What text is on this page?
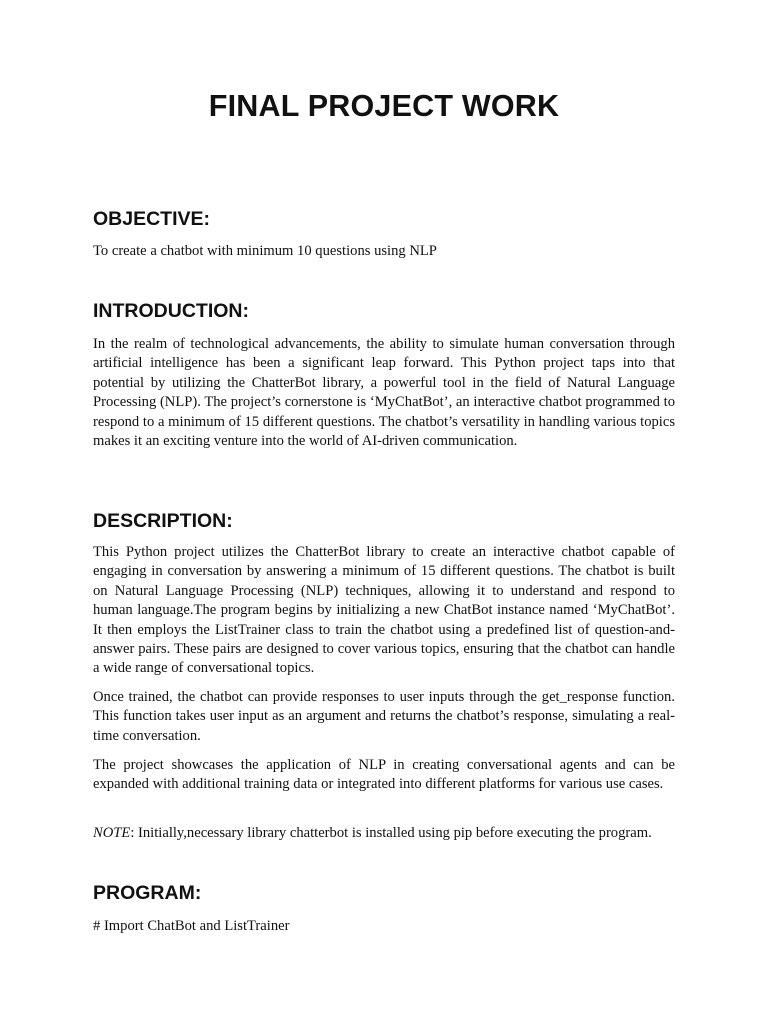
FINAL PROJECT WORK
OBJECTIVE:

To create a chatbot with minimum 10 questions using NLP

INTRODUCTION:

In the realm of technological advancements, the ability to simulate human conversation through artificial intelligence has been a significant leap forward. This Python project taps into that potential by utilizing the ChatterBot library, a powerful tool in the field of Natural Language Processing (NLP). The project’s cornerstone is ‘MyChatBot’, an interactive chatbot programmed to respond to a minimum of 15 different questions. The chatbot’s versatility in handling various topics makes it an exciting venture into the world of AI-driven communication.

DESCRIPTION:

This Python project utilizes the ChatterBot library to create an interactive chatbot capable of engaging in conversation by answering a minimum of 15 different questions. The chatbot is built on Natural Language Processing (NLP) techniques, allowing it to understand and respond to human language.The program begins by initializing a new ChatBot instance named ‘MyChatBot’. It then employs the ListTrainer class to train the chatbot using a predefined list of question-and-answer pairs. These pairs are designed to cover various topics, ensuring that the chatbot can handle a wide range of conversational topics.

Once trained, the chatbot can provide responses to user inputs through the get_response function. This function takes user input as an argument and returns the chatbot’s response, simulating a real-time conversation.

The project showcases the application of NLP in creating conversational agents and can be expanded with additional training data or integrated into different platforms for various use cases.

NOTE: Initially,necessary library chatterbot is installed using pip before executing the program.

PROGRAM:

# Import ChatBot and ListTrainer
